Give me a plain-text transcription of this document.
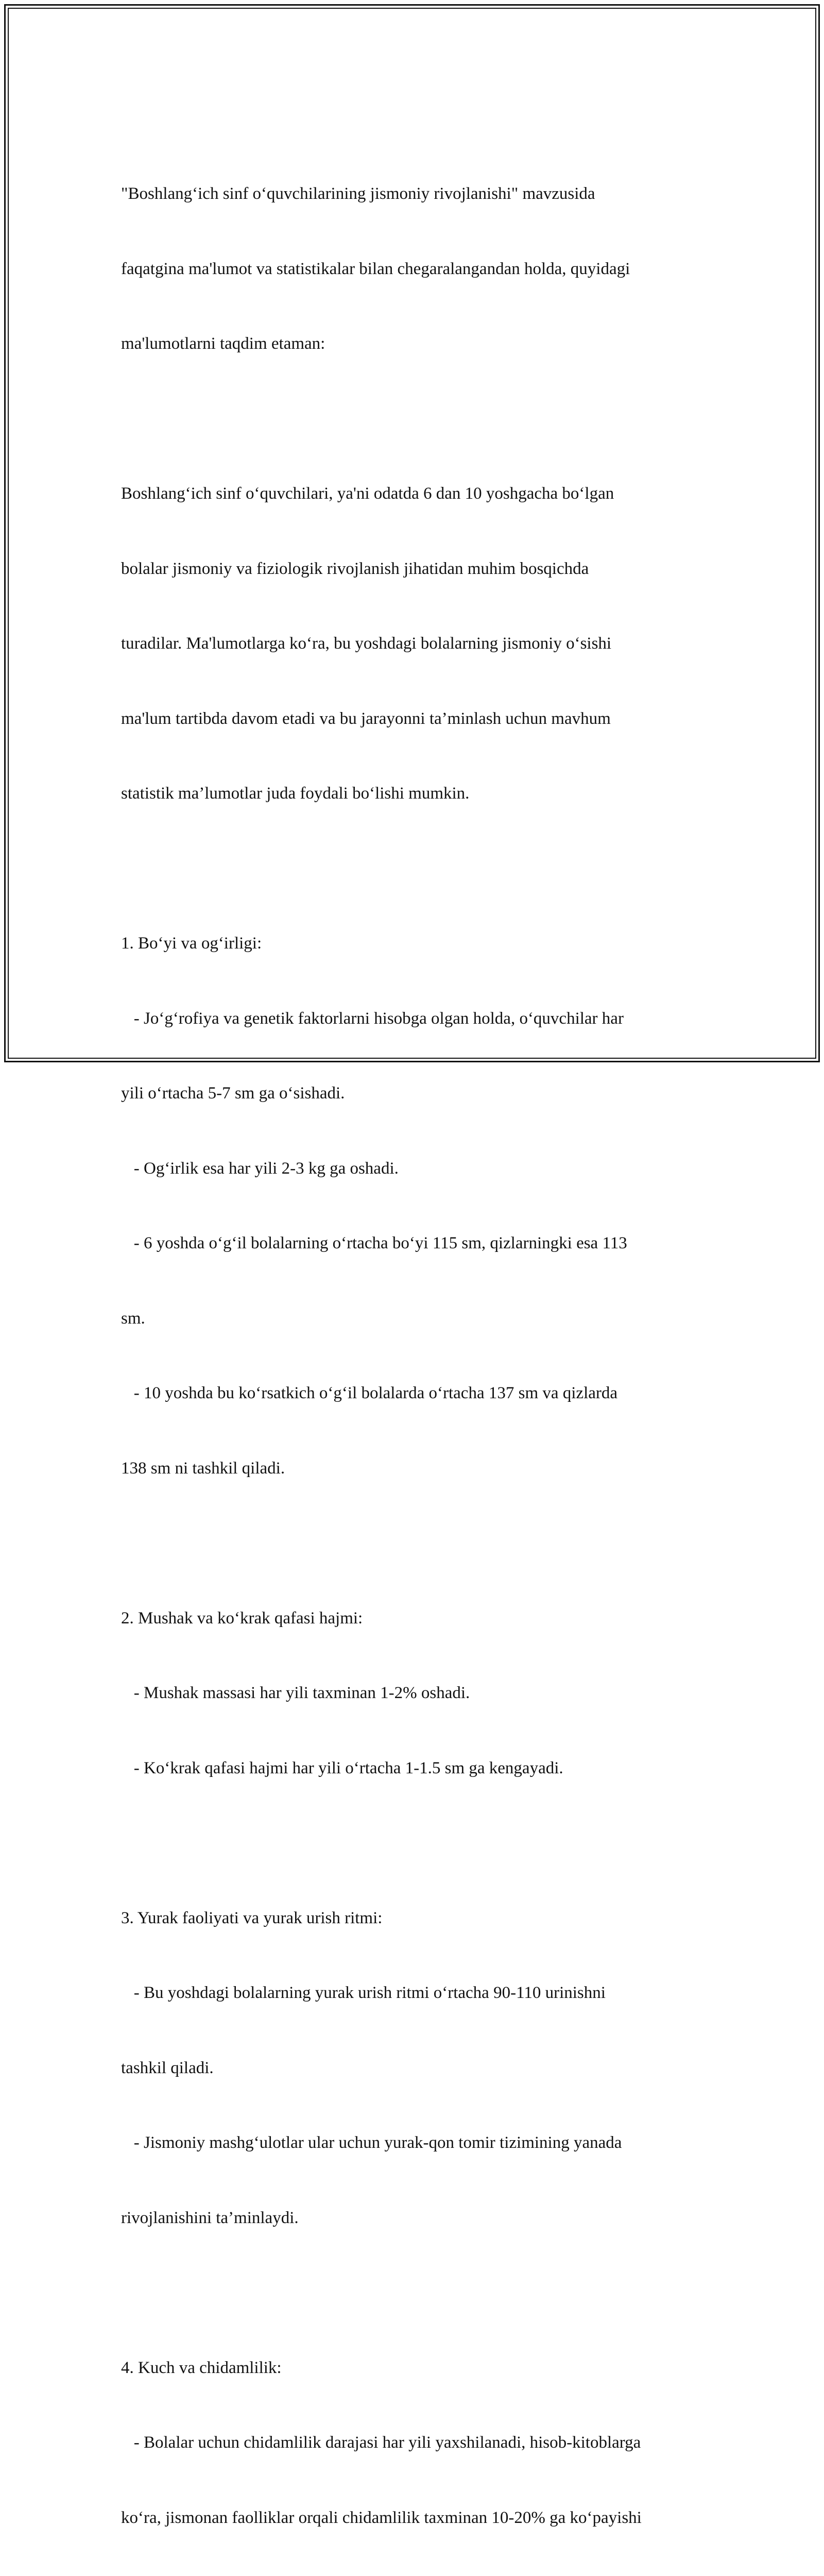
"Boshlang‘ich sinf o‘quvchilarining jismoniy rivojlanishi" mavzusida

faqatgina ma'lumot va statistikalar bilan chegaralangandan holda, quyidagi

ma'lumotlarni taqdim etaman:

Boshlang‘ich sinf o‘quvchilari, ya'ni odatda 6 dan 10 yoshgacha bo‘lgan

bolalar jismoniy va fiziologik rivojlanish jihatidan muhim bosqichda

turadilar. Ma'lumotlarga ko‘ra, bu yoshdagi bolalarning jismoniy o‘sishi

ma'lum tartibda davom etadi va bu jarayonni ta’minlash uchun mavhum

statistik ma’lumotlar juda foydali bo‘lishi mumkin.

1. Bo‘yi va og‘irligi:

- Jo‘g‘rofiya va genetik faktorlarni hisobga olgan holda, o‘quvchilar har

yili o‘rtacha 5-7 sm ga o‘sishadi.

- Og‘irlik esa har yili 2-3 kg ga oshadi.

- 6 yoshda o‘g‘il bolalarning o‘rtacha bo‘yi 115 sm, qizlarningki esa 113

sm.

- 10 yoshda bu ko‘rsatkich o‘g‘il bolalarda o‘rtacha 137 sm va qizlarda

138 sm ni tashkil qiladi.

2. Mushak va ko‘krak qafasi hajmi:

- Mushak massasi har yili taxminan 1-2% oshadi.

- Ko‘krak qafasi hajmi har yili o‘rtacha 1-1.5 sm ga kengayadi.

3. Yurak faoliyati va yurak urish ritmi:

- Bu yoshdagi bolalarning yurak urish ritmi o‘rtacha 90-110 urinishni

tashkil qiladi.

- Jismoniy mashg‘ulotlar ular uchun yurak-qon tomir tizimining yanada

rivojlanishini ta’minlaydi.

4. Kuch va chidamlilik:

- Bolalar uchun chidamlilik darajasi har yili yaxshilanadi, hisob-kitoblarga

ko‘ra, jismonan faolliklar orqali chidamlilik taxminan 10-20% ga ko‘payishi
